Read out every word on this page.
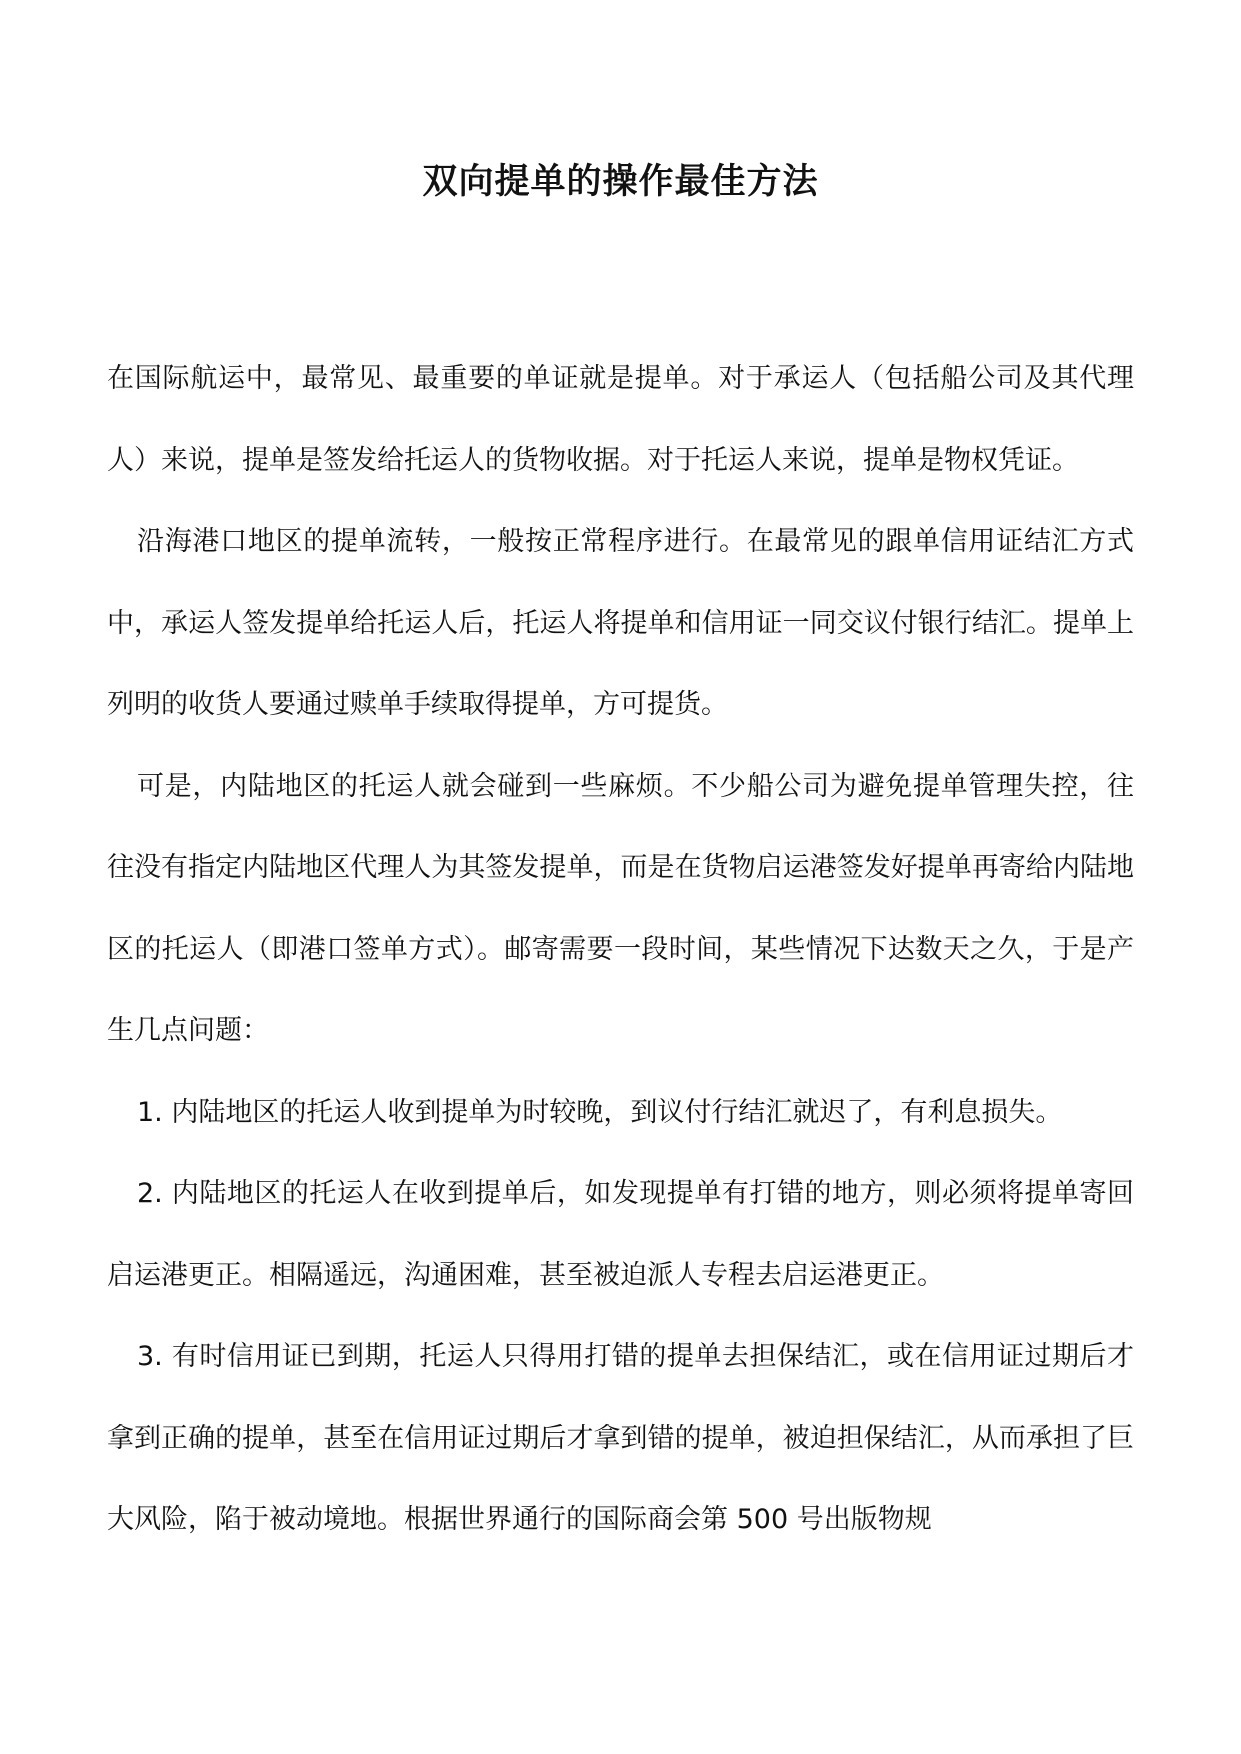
双向提单的操作最佳方法

在国际航运中，最常见、最重要的单证就是提单。对于承运人（包括船公司及其代理人）来说，提单是签发给托运人的货物收据。对于托运人来说，提单是物权凭证。

沿海港口地区的提单流转，一般按正常程序进行。在最常见的跟单信用证结汇方式中，承运人签发提单给托运人后，托运人将提单和信用证一同交议付银行结汇。提单上列明的收货人要通过赎单手续取得提单，方可提货。

可是，内陆地区的托运人就会碰到一些麻烦。不少船公司为避免提单管理失控，往往没有指定内陆地区代理人为其签发提单，而是在货物启运港签发好提单再寄给内陆地区的托运人（即港口签单方式）。邮寄需要一段时间，某些情况下达数天之久，于是产生几点问题：

1. 内陆地区的托运人收到提单为时较晚，到议付行结汇就迟了，有利息损失。

2. 内陆地区的托运人在收到提单后，如发现提单有打错的地方，则必须将提单寄回启运港更正。相隔遥远，沟通困难，甚至被迫派人专程去启运港更正。

3. 有时信用证已到期，托运人只得用打错的提单去担保结汇，或在信用证过期后才拿到正确的提单，甚至在信用证过期后才拿到错的提单，被迫担保结汇，从而承担了巨大风险，陷于被动境地。根据世界通行的国际商会第 500 号出版物规
